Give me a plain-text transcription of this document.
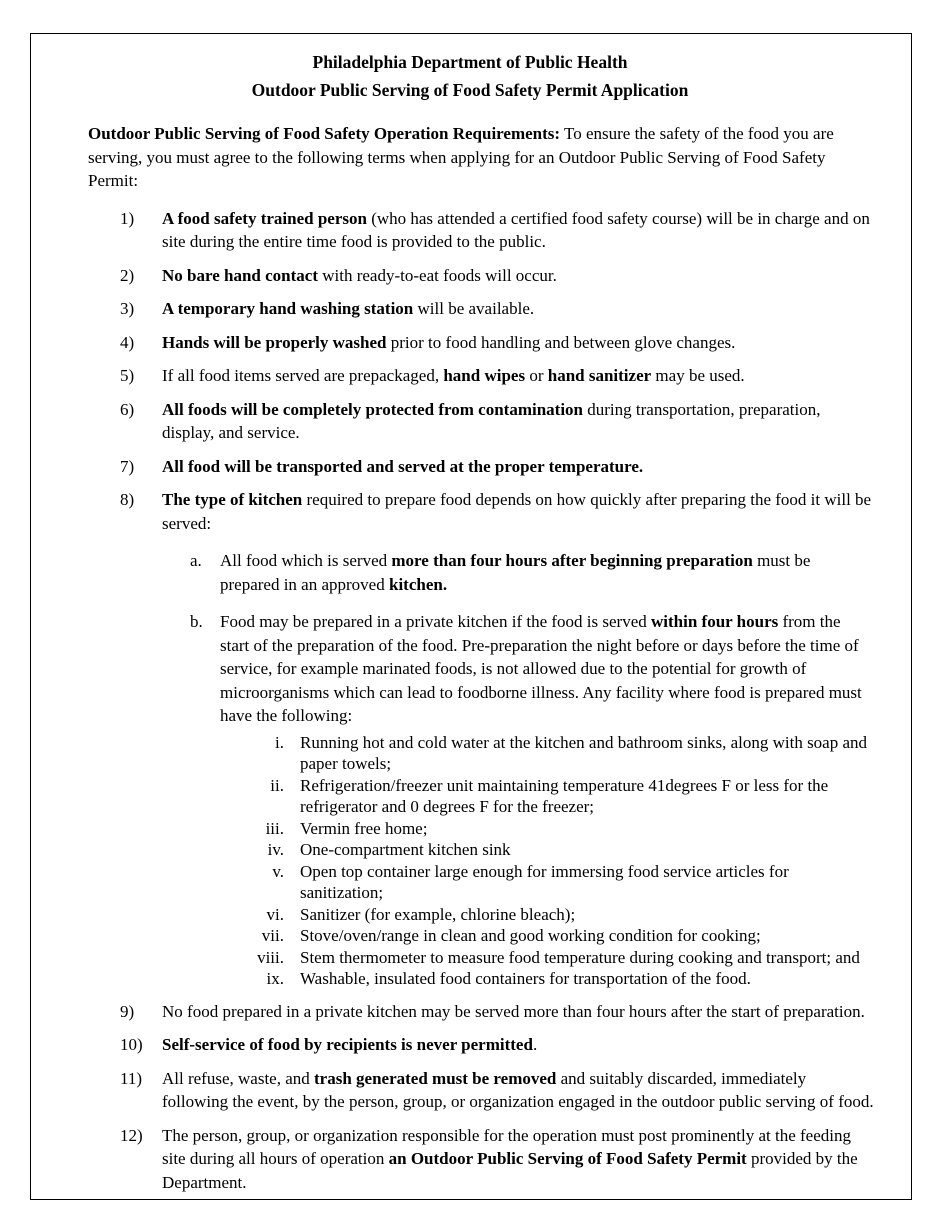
Philadelphia Department of Public Health
Outdoor Public Serving of Food Safety Permit Application

Outdoor Public Serving of Food Safety Operation Requirements: To ensure the safety of the food you are serving, you must agree to the following terms when applying for an Outdoor Public Serving of Food Safety Permit:

1)	A food safety trained person (who has attended a certified food safety course) will be in charge and on site during the entire time food is provided to the public.
2)	No bare hand contact with ready-to-eat foods will occur.
3)	A temporary hand washing station will be available.
4)	Hands will be properly washed prior to food handling and between glove changes.
5)	If all food items served are prepackaged, hand wipes or hand sanitizer may be used.
6)	All foods will be completely protected from contamination during transportation, preparation, display, and service.
7)	All food will be transported and served at the proper temperature.
8)	The type of kitchen required to prepare food depends on how quickly after preparing the food it will be served:
a.	All food which is served more than four hours after beginning preparation must be prepared in an approved kitchen.
b.	Food may be prepared in a private kitchen if the food is served within four hours from the start of the preparation of the food. Pre-preparation the night before or days before the time of service, for example marinated foods, is not allowed due to the potential for growth of microorganisms which can lead to foodborne illness. Any facility where food is prepared must have the following:
i. Running hot and cold water at the kitchen and bathroom sinks, along with soap and paper towels;
ii. Refrigeration/freezer unit maintaining temperature 41degrees F or less for the refrigerator and 0 degrees F for the freezer;
iii. Vermin free home;
iv. One-compartment kitchen sink
v. Open top container large enough for immersing food service articles for sanitization;
vi. Sanitizer (for example, chlorine bleach);
vii. Stove/oven/range in clean and good working condition for cooking;
viii. Stem thermometer to measure food temperature during cooking and transport; and
ix. Washable, insulated food containers for transportation of the food.
9)	No food prepared in a private kitchen may be served more than four hours after the start of preparation.
10)	Self-service of food by recipients is never permitted.
11)	All refuse, waste, and trash generated must be removed and suitably discarded, immediately following the event, by the person, group, or organization engaged in the outdoor public serving of food.
12)	The person, group, or organization responsible for the operation must post prominently at the feeding site during all hours of operation an Outdoor Public Serving of Food Safety Permit provided by the Department.
